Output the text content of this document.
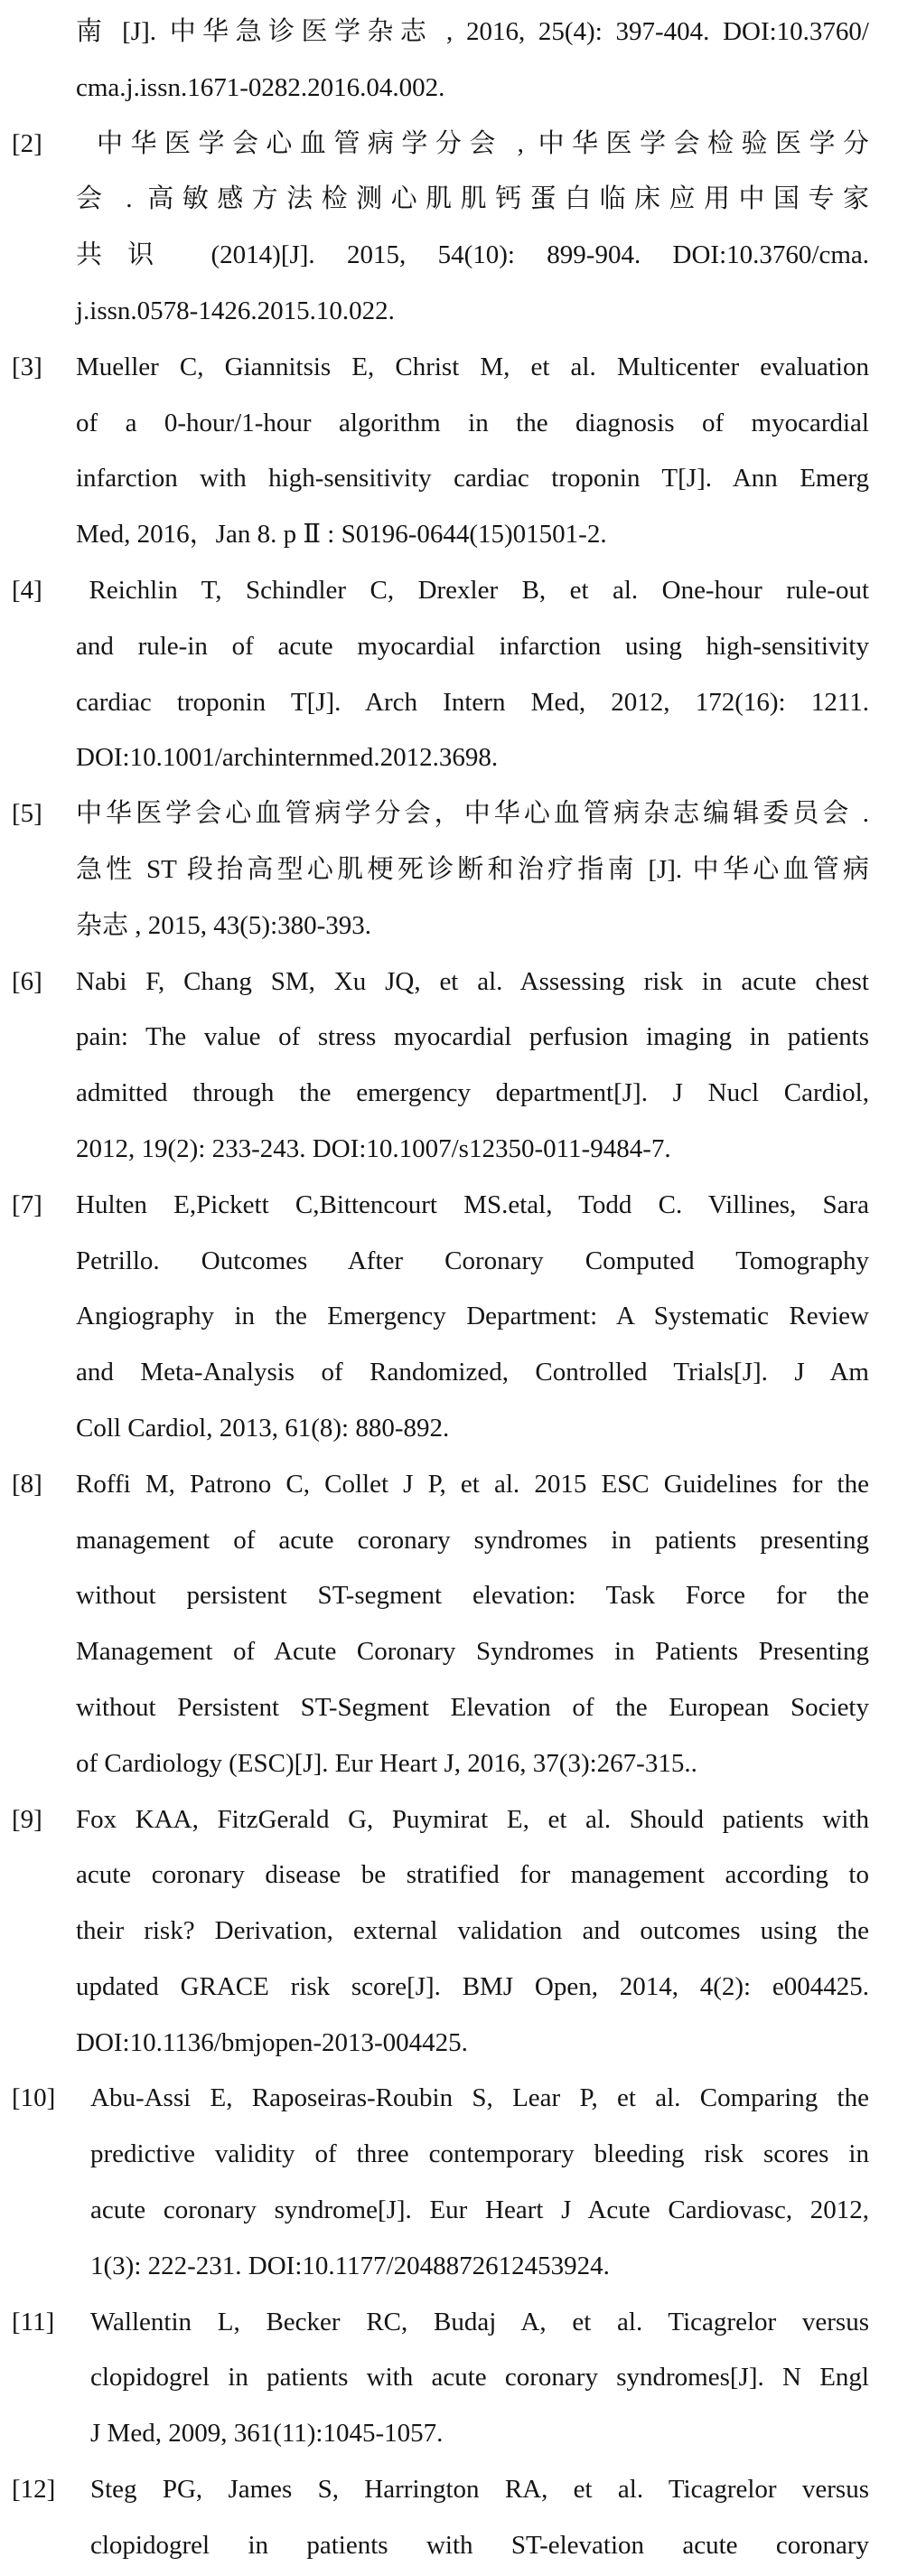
南 [J]. 中华急诊医学杂志 , 2016, 25(4): 397-404. DOI:10.3760/
cma.j.issn.1671-0282.2016.04.002.
[2]  中华医学会心血管病学分会 , 中华医学会检验医学分
会 . 高敏感方法检测心肌肌钙蛋白临床应用中国专家
共识 (2014)[J]. 2015, 54(10): 899-904. DOI:10.3760/cma.
j.issn.0578-1426.2015.10.022.
[3] Mueller C, Giannitsis E, Christ M, et al. Multicenter evaluation
of a 0-hour/1-hour algorithm in the diagnosis of myocardial
infarction with high-sensitivity cardiac troponin T[J]. Ann Emerg
Med, 2016，Jan 8. p Ⅱ : S0196-0644(15)01501-2.
[4]  Reichlin T, Schindler C, Drexler B, et al. One-hour rule-out
and rule-in of acute myocardial infarction using high-sensitivity
cardiac troponin T[J]. Arch Intern Med, 2012, 172(16): 1211.
DOI:10.1001/archinternmed.2012.3698.
[5] 中华医学会心血管病学分会，中华心血管病杂志编辑委员会 .
急性 ST 段抬高型心肌梗死诊断和治疗指南 [J]. 中华心血管病
杂志 , 2015, 43(5):380-393.
[6] Nabi F, Chang SM, Xu JQ, et al. Assessing risk in acute chest
pain: The value of stress myocardial perfusion imaging in patients
admitted through the emergency department[J]. J Nucl Cardiol,
2012, 19(2): 233-243. DOI:10.1007/s12350-011-9484-7.
[7] Hulten E,Pickett C,Bittencourt MS.etal, Todd C. Villines, Sara
Petrillo. Outcomes After Coronary Computed Tomography
Angiography in the Emergency Department: A Systematic Review
and Meta-Analysis of Randomized, Controlled Trials[J]. J Am
Coll Cardiol, 2013, 61(8): 880-892.
[8] Roffi M, Patrono C, Collet J P, et al. 2015 ESC Guidelines for the
management of acute coronary syndromes in patients presenting
without persistent ST-segment elevation: Task Force for the
Management of Acute Coronary Syndromes in Patients Presenting
without Persistent ST-Segment Elevation of the European Society
of Cardiology (ESC)[J]. Eur Heart J, 2016, 37(3):267-315..
[9] Fox KAA, FitzGerald G, Puymirat E, et al. Should patients with
acute coronary disease be stratified for management according to
their risk? Derivation, external validation and outcomes using the
updated GRACE risk score[J]. BMJ Open, 2014, 4(2): e004425.
DOI:10.1136/bmjopen-2013-004425.
[10] Abu-Assi E, Raposeiras-Roubin S, Lear P, et al. Comparing the
predictive validity of three contemporary bleeding risk scores in
acute coronary syndrome[J]. Eur Heart J Acute Cardiovasc, 2012,
1(3): 222-231. DOI:10.1177/2048872612453924.
[11] Wallentin L, Becker RC, Budaj A, et al. Ticagrelor versus
clopidogrel in patients with acute coronary syndromes[J]. N Engl
J Med, 2009, 361(11):1045-1057.
[12] Steg PG, James S, Harrington RA, et al. Ticagrelor versus
clopidogrel in patients with ST-elevation acute coronary
